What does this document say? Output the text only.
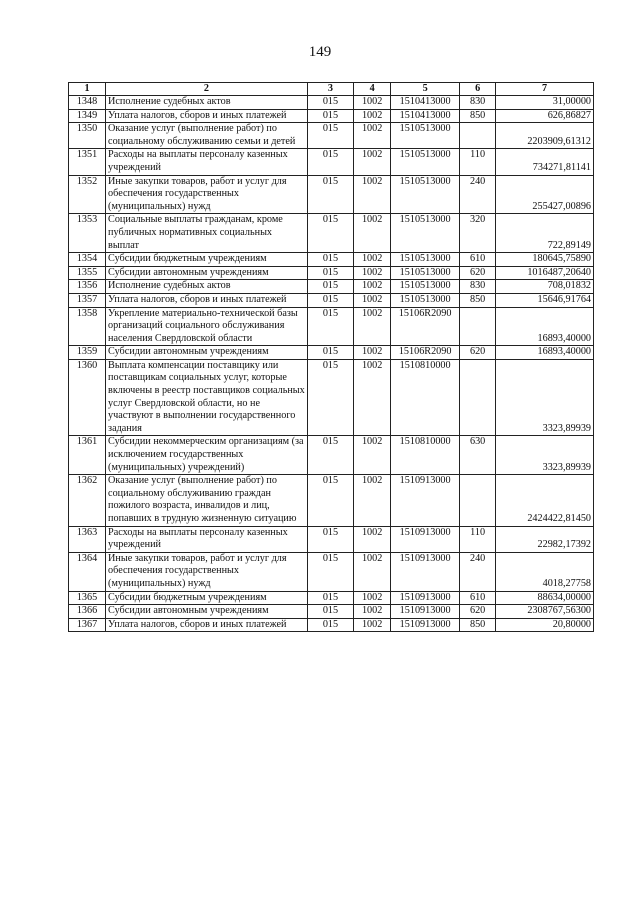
149
1	2	3	4	5	6	7
1348	Исполнение судебных актов	015	1002	1510413000	830	31,00000
1349	Уплата налогов, сборов и иных платежей	015	1002	1510413000	850	626,86827
1350	Оказание услуг (выполнение работ) по социальному обслуживанию семьи и детей	015	1002	1510513000		2203909,61312
1351	Расходы на выплаты персоналу казенных учреждений	015	1002	1510513000	110	734271,81141
1352	Иные закупки товаров, работ и услуг для обеспечения государственных (муниципальных) нужд	015	1002	1510513000	240	255427,00896
1353	Социальные выплаты гражданам, кроме публичных нормативных социальных выплат	015	1002	1510513000	320	722,89149
1354	Субсидии бюджетным учреждениям	015	1002	1510513000	610	180645,75890
1355	Субсидии автономным учреждениям	015	1002	1510513000	620	1016487,20640
1356	Исполнение судебных актов	015	1002	1510513000	830	708,01832
1357	Уплата налогов, сборов и иных платежей	015	1002	1510513000	850	15646,91764
1358	Укрепление материально-технической базы организаций социального обслуживания населения Свердловской области	015	1002	15106R2090		16893,40000
1359	Субсидии автономным учреждениям	015	1002	15106R2090	620	16893,40000
1360	Выплата компенсации поставщику или поставщикам социальных услуг, которые включены в реестр поставщиков социальных услуг Свердловской области, но не участвуют в выполнении государственного задания	015	1002	1510810000		3323,89939
1361	Субсидии некоммерческим организациям (за исключением государственных (муниципальных) учреждений)	015	1002	1510810000	630	3323,89939
1362	Оказание услуг (выполнение работ) по социальному обслуживанию граждан пожилого возраста, инвалидов и лиц, попавших в трудную жизненную ситуацию	015	1002	1510913000		2424422,81450
1363	Расходы на выплаты персоналу казенных учреждений	015	1002	1510913000	110	22982,17392
1364	Иные закупки товаров, работ и услуг для обеспечения государственных (муниципальных) нужд	015	1002	1510913000	240	4018,27758
1365	Субсидии бюджетным учреждениям	015	1002	1510913000	610	88634,00000
1366	Субсидии автономным учреждениям	015	1002	1510913000	620	2308767,56300
1367	Уплата налогов, сборов и иных платежей	015	1002	1510913000	850	20,80000
